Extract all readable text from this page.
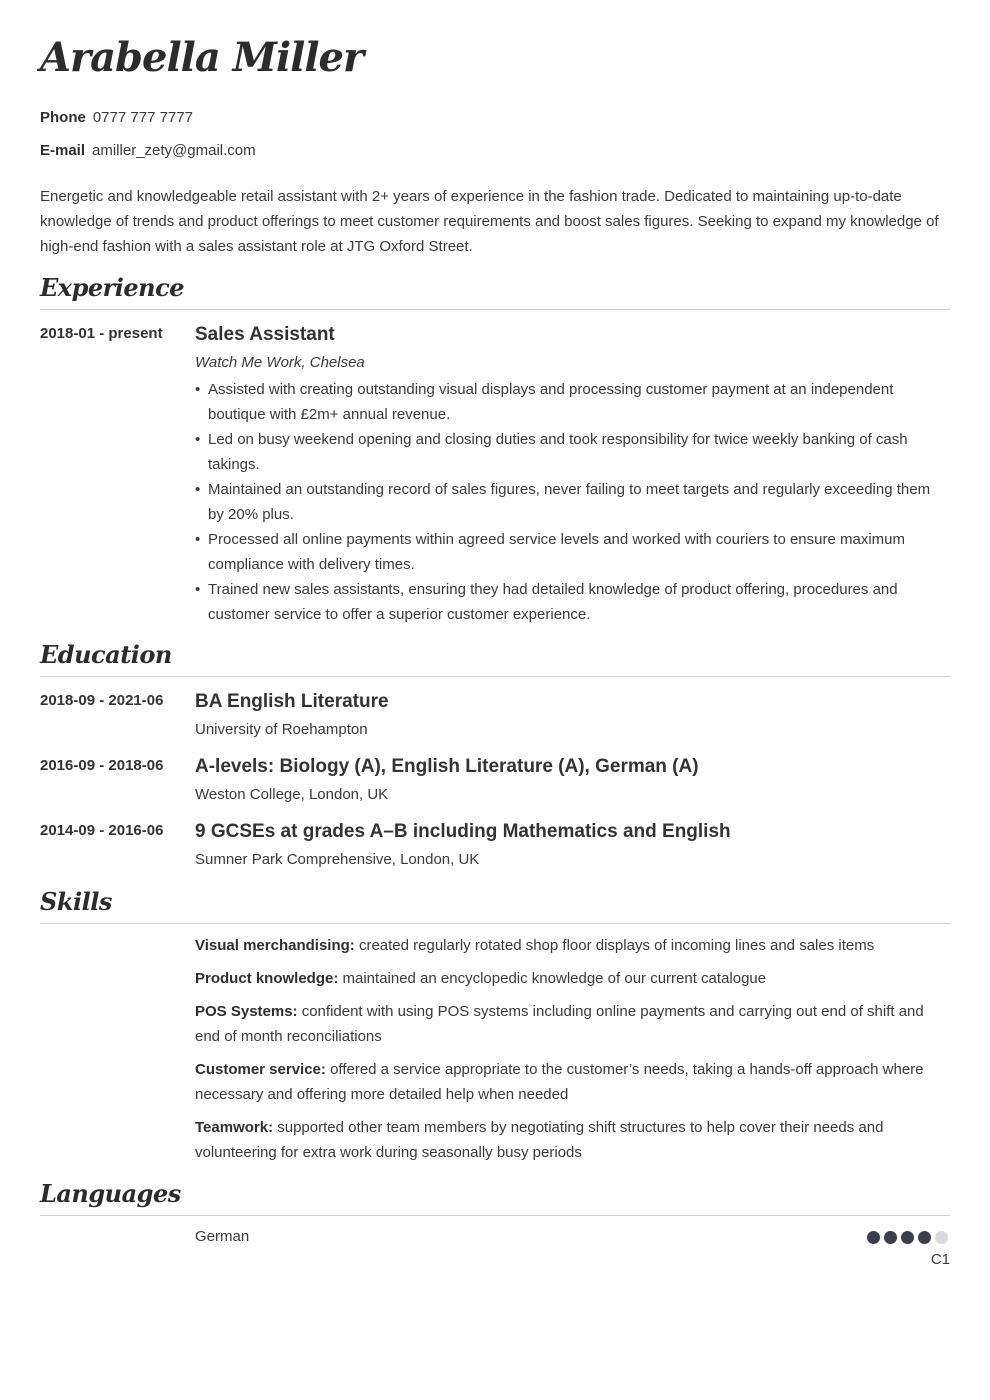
Arabella Miller
Phone 0777 777 7777
E-mail amiller_zety@gmail.com

Energetic and knowledgeable retail assistant with 2+ years of experience in the fashion trade. Dedicated to maintaining up-to-date knowledge of trends and product offerings to meet customer requirements and boost sales figures. Seeking to expand my knowledge of high-end fashion with a sales assistant role at JTG Oxford Street.

Experience
2018-01 - present Sales Assistant
Watch Me Work, Chelsea
• Assisted with creating outstanding visual displays and processing customer payment at an independent boutique with £2m+ annual revenue.
• Led on busy weekend opening and closing duties and took responsibility for twice weekly banking of cash takings.
• Maintained an outstanding record of sales figures, never failing to meet targets and regularly exceeding them by 20% plus.
• Processed all online payments within agreed service levels and worked with couriers to ensure maximum compliance with delivery times.
• Trained new sales assistants, ensuring they had detailed knowledge of product offering, procedures and customer service to offer a superior customer experience.
Education
2018-09 - 2021-06 BA English Literature
University of Roehampton
2016-09 - 2018-06 A-levels: Biology (A), English Literature (A), German (A)
Weston College, London, UK
2014-09 - 2016-06 9 GCSEs at grades A–B including Mathematics and English
Sumner Park Comprehensive, London, UK
Skills

Visual merchandising: created regularly rotated shop floor displays of incoming lines and sales items

Product knowledge: maintained an encyclopedic knowledge of our current catalogue

POS Systems: confident with using POS systems including online payments and carrying out end of shift and end of month reconciliations

Customer service: offered a service appropriate to the customer’s needs, taking a hands-off approach where necessary and offering more detailed help when needed

Teamwork: supported other team members by negotiating shift structures to help cover their needs and volunteering for extra work during seasonally busy periods

Languages
German
C1
